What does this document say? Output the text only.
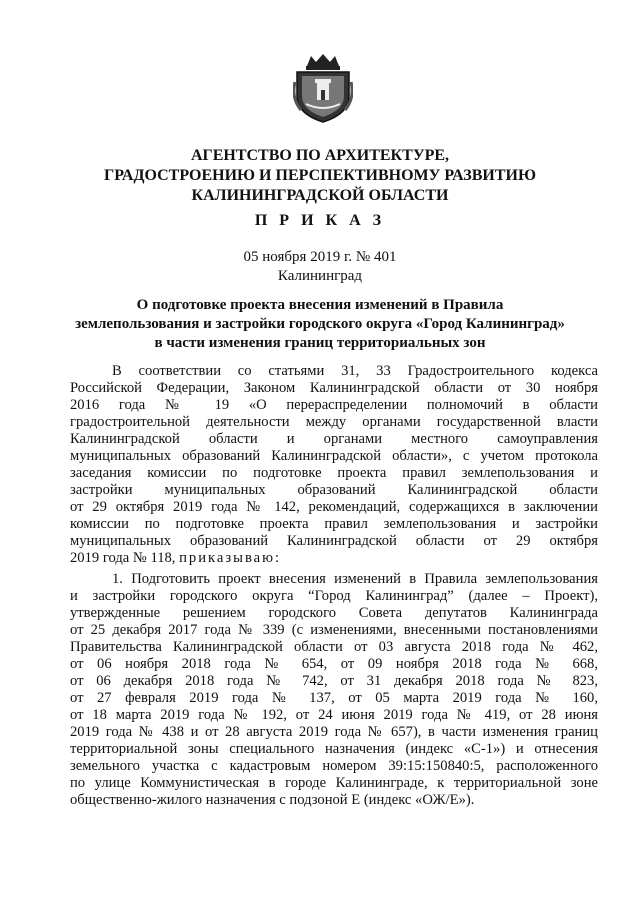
АГЕНТСТВО ПО АРХИТЕКТУРЕ,
ГРАДОСТРОЕНИЮ И ПЕРСПЕКТИВНОМУ РАЗВИТИЮ
КАЛИНИНГРАДСКОЙ ОБЛАСТИ
П Р И К А З
05 ноября 2019 г. № 401
Калининград
О подготовке проекта внесения изменений в Правила
землепользования и застройки городского округа «Город Калининград»
в части изменения границ территориальных зон
В соответствии со статьями 31, 33 Градостроительного кодекса
Российской Федерации, Законом Калининградской области от 30 ноября
2016 года № 19 «О перераспределении полномочий в области
градостроительной деятельности между органами государственной власти
Калининградской области и органами местного самоуправления
муниципальных образований Калининградской области», с учетом протокола
заседания комиссии по подготовке проекта правил землепользования и
застройки муниципальных образований Калининградской области
от 29 октября 2019 года № 142, рекомендаций, содержащихся в заключении
комиссии по подготовке проекта правил землепользования и застройки
муниципальных образований Калининградской области от 29 октября
2019 года № 118, приказываю:
1. Подготовить проект внесения изменений в Правила землепользования
и застройки городского округа “Город Калининград” (далее – Проект),
утвержденные решением городского Совета депутатов Калининграда
от 25 декабря 2017 года № 339 (с изменениями, внесенными постановлениями
Правительства Калининградской области от 03 августа 2018 года № 462,
от 06 ноября 2018 года № 654, от 09 ноября 2018 года № 668,
от 06 декабря 2018 года № 742, от 31 декабря 2018 года № 823,
от 27 февраля 2019 года № 137, от 05 марта 2019 года № 160,
от 18 марта 2019 года № 192, от 24 июня 2019 года № 419, от 28 июня
2019 года № 438 и от 28 августа 2019 года № 657), в части изменения границ
территориальной зоны специального назначения (индекс «С-1») и отнесения
земельного участка с кадастровым номером 39:15:150840:5, расположенного
по улице Коммунистическая в городе Калининграде, к территориальной зоне
общественно-жилого назначения с подзоной Е (индекс «ОЖ/Е»).
